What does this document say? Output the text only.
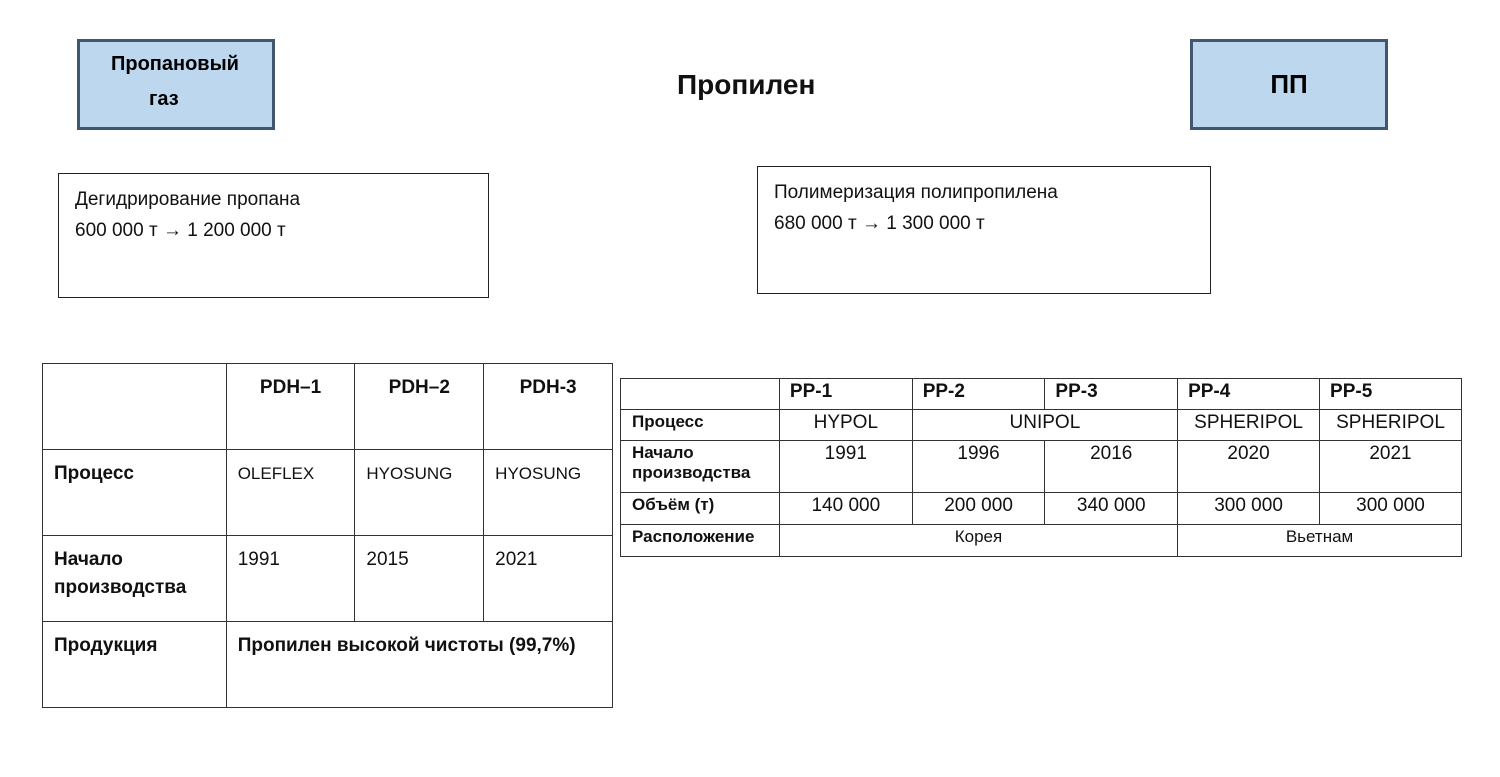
Пропановый
газ	Пропилен	ПП
Дегидрирование пропана
600 000 т → 1 200 000 т
Полимеризация полипропилена
680 000 т → 1 300 000 т
	PDH–1	PDH–2	PDH-3
Процесс	OLEFLEX	HYOSUNG	HYOSUNG

Начало
производства	1991	2015	2021
Продукция	Пропилен высокой чистоты (99,7%)		
	PP-1	PP-2	PP-3	PP-4	PP-5
Процесс	HYPOL	UNIPOL		SPHERIPOL	SPHERIPOL

Начало
производства	1991	1996	2016	2020	2021
Объём (т)	140 000	200 000	340 000	300 000	300 000
Расположение	Корея			Вьетнам	
